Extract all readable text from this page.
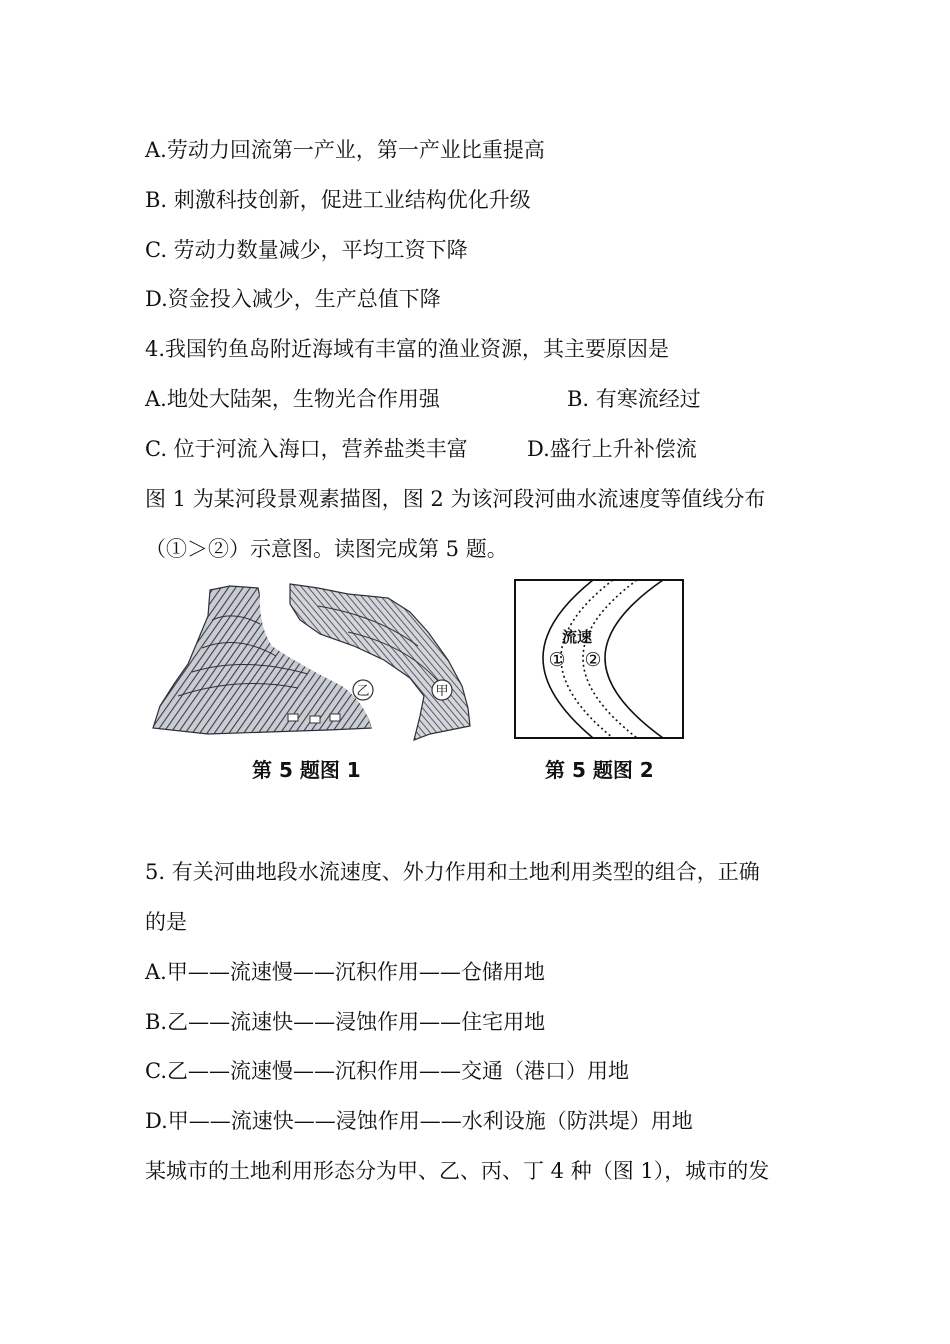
A.劳动力回流第一产业，第一产业比重提高
B. 刺激科技创新，促进工业结构优化升级
C. 劳动力数量减少，平均工资下降
D.资金投入减少，生产总值下降
4.我国钓鱼岛附近海域有丰富的渔业资源，其主要原因是
A.地处大陆架，生物光合作用强	B. 有寒流经过
C. 位于河流入海口，营养盐类丰富	D.盛行上升补偿流
图 1 为某河段景观素描图，图 2 为该河段河曲水流速度等值线分布
（①＞②）示意图。读图完成第 5 题。
乙	甲
第 5 题图 1
流速
① ②
第 5 题图 2
5. 有关河曲地段水流速度、外力作用和土地利用类型的组合，正确
的是
A.甲——流速慢——沉积作用——仓储用地
B.乙——流速快——浸蚀作用——住宅用地
C.乙——流速慢——沉积作用——交通（港口）用地
D.甲——流速快——浸蚀作用——水利设施（防洪堤）用地
某城市的土地利用形态分为甲、乙、丙、丁 4 种（图 1），城市的发
